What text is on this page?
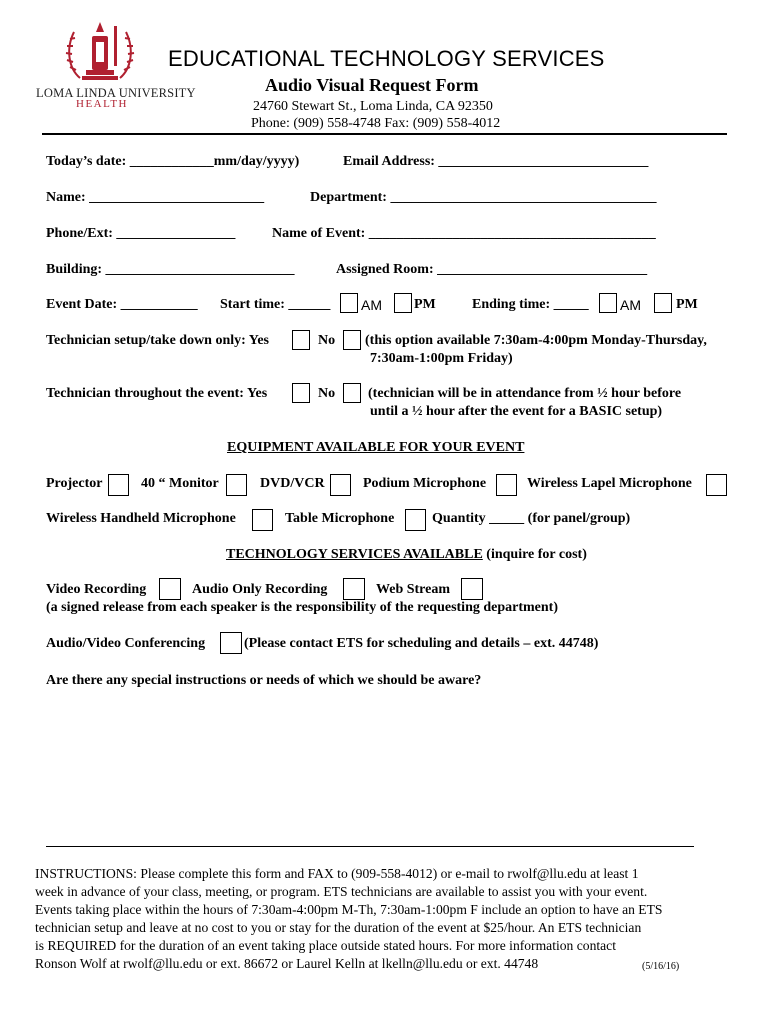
LOMA LINDA UNIVERSITY
HEALTH
EDUCATIONAL TECHNOLOGY SERVICES
Audio Visual Request Form
24760 Stewart St., Loma Linda, CA 92350
Phone: (909) 558-4748 Fax: (909) 558-4012
Today’s date: ____________mm/day/yyyy)	Email Address: ______________________________
Name: _________________________	Department: ______________________________________
Phone/Ext: _________________	Name of Event: _________________________________________
Building: ___________________________	Assigned Room: ______________________________
Event Date: ___________ Start time: ______ AM PM	Ending time: _____ AM	PM
Technician setup/take down only: Yes	No (this option available 7:30am-4:00pm Monday-Thursday,
7:30am-1:00pm Friday)
Technician throughout the event: Yes	No (technician will be in attendance from ½ hour before
until a ½ hour after the event for a BASIC setup)
EQUIPMENT AVAILABLE FOR YOUR EVENT
Projector	40 “ Monitor	DVD/VCR	Podium Microphone	Wireless Lapel Microphone
Wireless Handheld Microphone	Table Microphone	Quantity _____ (for panel/group)
TECHNOLOGY SERVICES AVAILABLE (inquire for cost)
Video Recording	Audio Only Recording	Web Stream
(a signed release from each speaker is the responsibility of the requesting department)
Audio/Video Conferencing	(Please contact ETS for scheduling and details – ext. 44748)
Are there any special instructions or needs of which we should be aware?
INSTRUCTIONS: Please complete this form and FAX to (909-558-4012) or e-mail to rwolf@llu.edu at least 1
week in advance of your class, meeting, or program. ETS technicians are available to assist you with your event.
Events taking place within the hours of 7:30am-4:00pm M-Th, 7:30am-1:00pm F include an option to have an ETS
technician setup and leave at no cost to you or stay for the duration of the event at $25/hour. An ETS technician
is REQUIRED for the duration of an event taking place outside stated hours. For more information contact
Ronson Wolf at rwolf@llu.edu or ext. 86672 or Laurel Kelln at lkelln@llu.edu or ext. 44748	(5/16/16)
